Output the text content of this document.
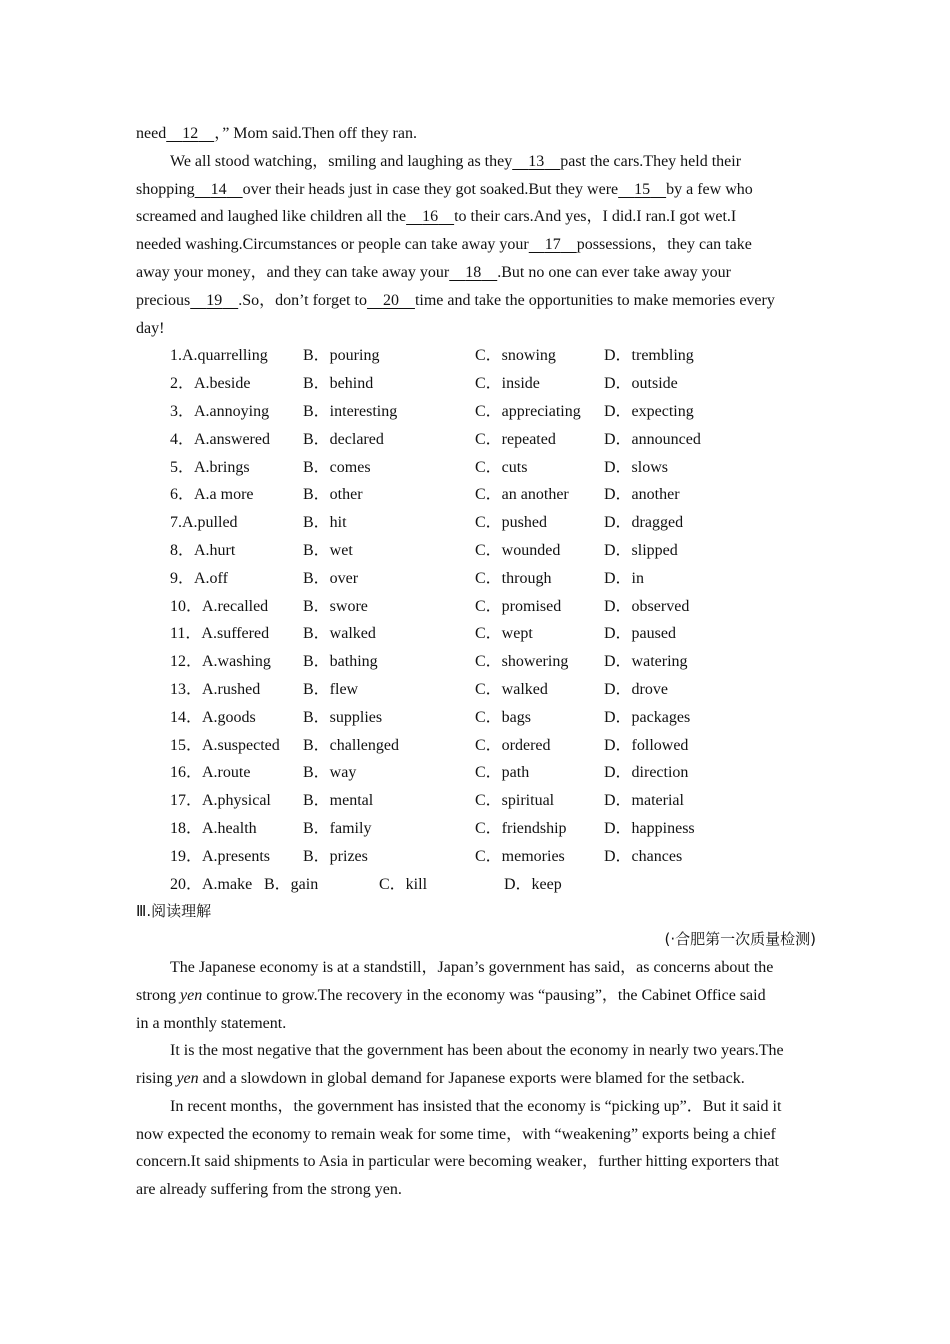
need 12 ，” Mom said.Then off they ran.
We all stood watching，smiling and laughing as they 13 past the cars.They held their
shopping 14 over their heads just in case they got soaked.But they were 15 by a few who
screamed and laughed like children all the 16 to their cars.And yes，I did.I ran.I got wet.I
needed washing.Circumstances or people can take away your 17 possessions，they can take
away your money，and they can take away your 18 .But no one can ever take away your
precious 19 .So，don’t forget to 20 time and take the opportunities to make memories every
day!
1.A.quarrelling	B．pouring	C．snowing	D．trembling
2．A.beside	B．behind	C．inside	D．outside
3．A.annoying	B．interesting	C．appreciating	D．expecting
4．A.answered	B．declared	C．repeated	D．announced
5．A.brings	B．comes	C．cuts	D．slows
6．A.a more	B．other	C．an another	D．another
7.A.pulled	B．hit	C．pushed	D．dragged
8．A.hurt	B．wet	C．wounded	D．slipped
9．A.off	B．over	C．through	D．in
10．A.recalled	B．swore	C．promised	D．observed
11．A.suffered	B．walked	C．wept	D．paused
12．A.washing	B．bathing	C．showering	D．watering
13．A.rushed	B．flew	C．walked	D．drove
14．A.goods	B．supplies	C．bags	D．packages
15．A.suspected	B．challenged	C．ordered	D．followed
16．A.route	B．way	C．path	D．direction
17．A.physical	B．mental	C．spiritual	D．material
18．A.health	B．family	C．friendship	D．happiness
19．A.presents	B．prizes	C．memories	D．chances
20．A.make B．gain	C．kill	D．keep
Ⅲ.阅读理解
(·合肥第一次质量检测)
The Japanese economy is at a standstill，Japan’s government has said，as concerns about the
strong yen continue to grow.The recovery in the economy was “pausing”，the Cabinet Office said
in a monthly statement.
It is the most negative that the government has been about the economy in nearly two years.The
rising yen and a slowdown in global demand for Japanese exports were blamed for the setback.
In recent months，the government has insisted that the economy is “picking up”．But it said it
now expected the economy to remain weak for some time，with “weakening” exports being a chief
concern.It said shipments to Asia in particular were becoming weaker，further hitting exporters that
are already suffering from the strong yen.
